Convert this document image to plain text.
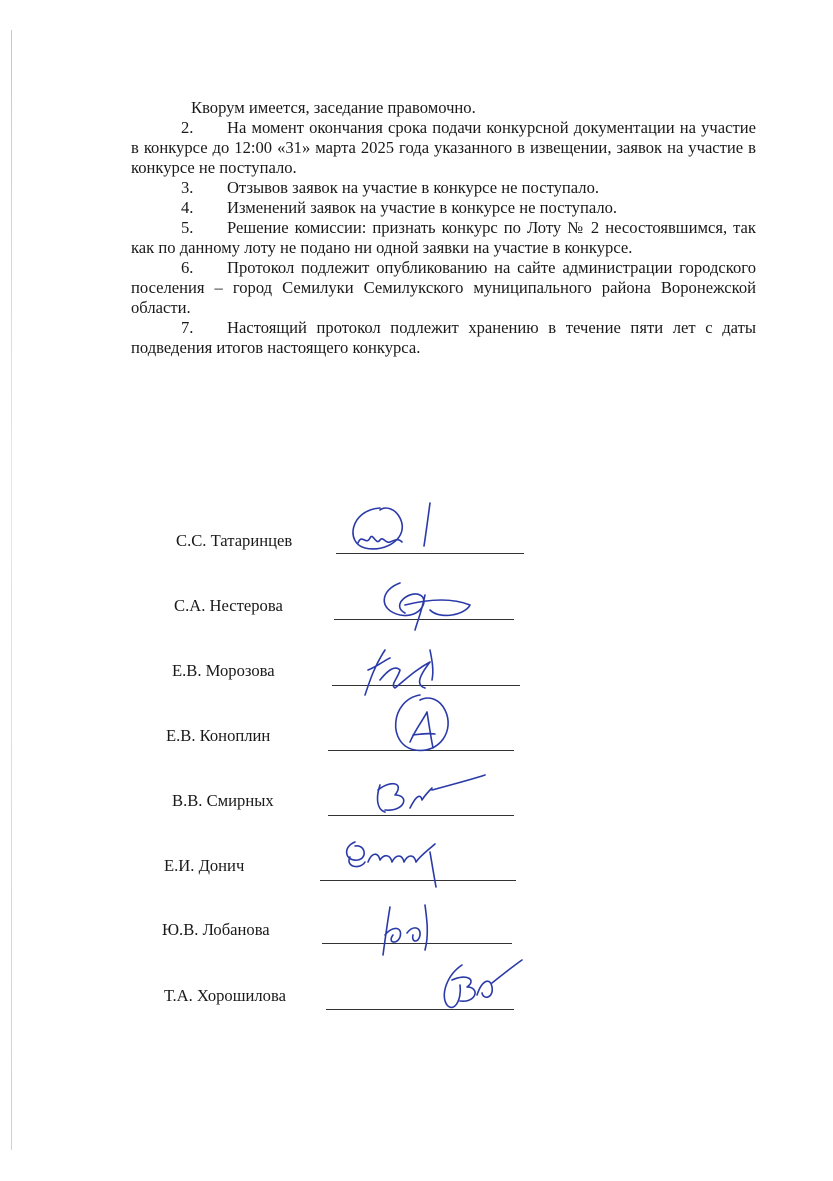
Кворум имеется, заседание правомочно.

2. На момент окончания срока подачи конкурсной документации на участие в конкурсе до 12:00 «31» марта 2025 года указанного в извещении, заявок на участие в конкурсе не поступало.

3. Отзывов заявок на участие в конкурсе не поступало.

4. Изменений заявок на участие в конкурсе не поступало.

5. Решение комиссии: признать конкурс по Лоту № 2 несостоявшимся, так как по данному лоту не подано ни одной заявки на участие в конкурсе.

6. Протокол подлежит опубликованию на сайте администрации городского поселения – город Семилуки Семилукского муниципального района Воронежской области.

7. Настоящий протокол подлежит хранению в течение пяти лет с даты подведения итогов настоящего конкурса.

С.С. Татаринцев
С.А. Нестерова
Е.В. Морозова
Е.В. Коноплин
В.В. Смирных
Е.И. Донич
Ю.В. Лобанова
Т.А. Хорошилова
